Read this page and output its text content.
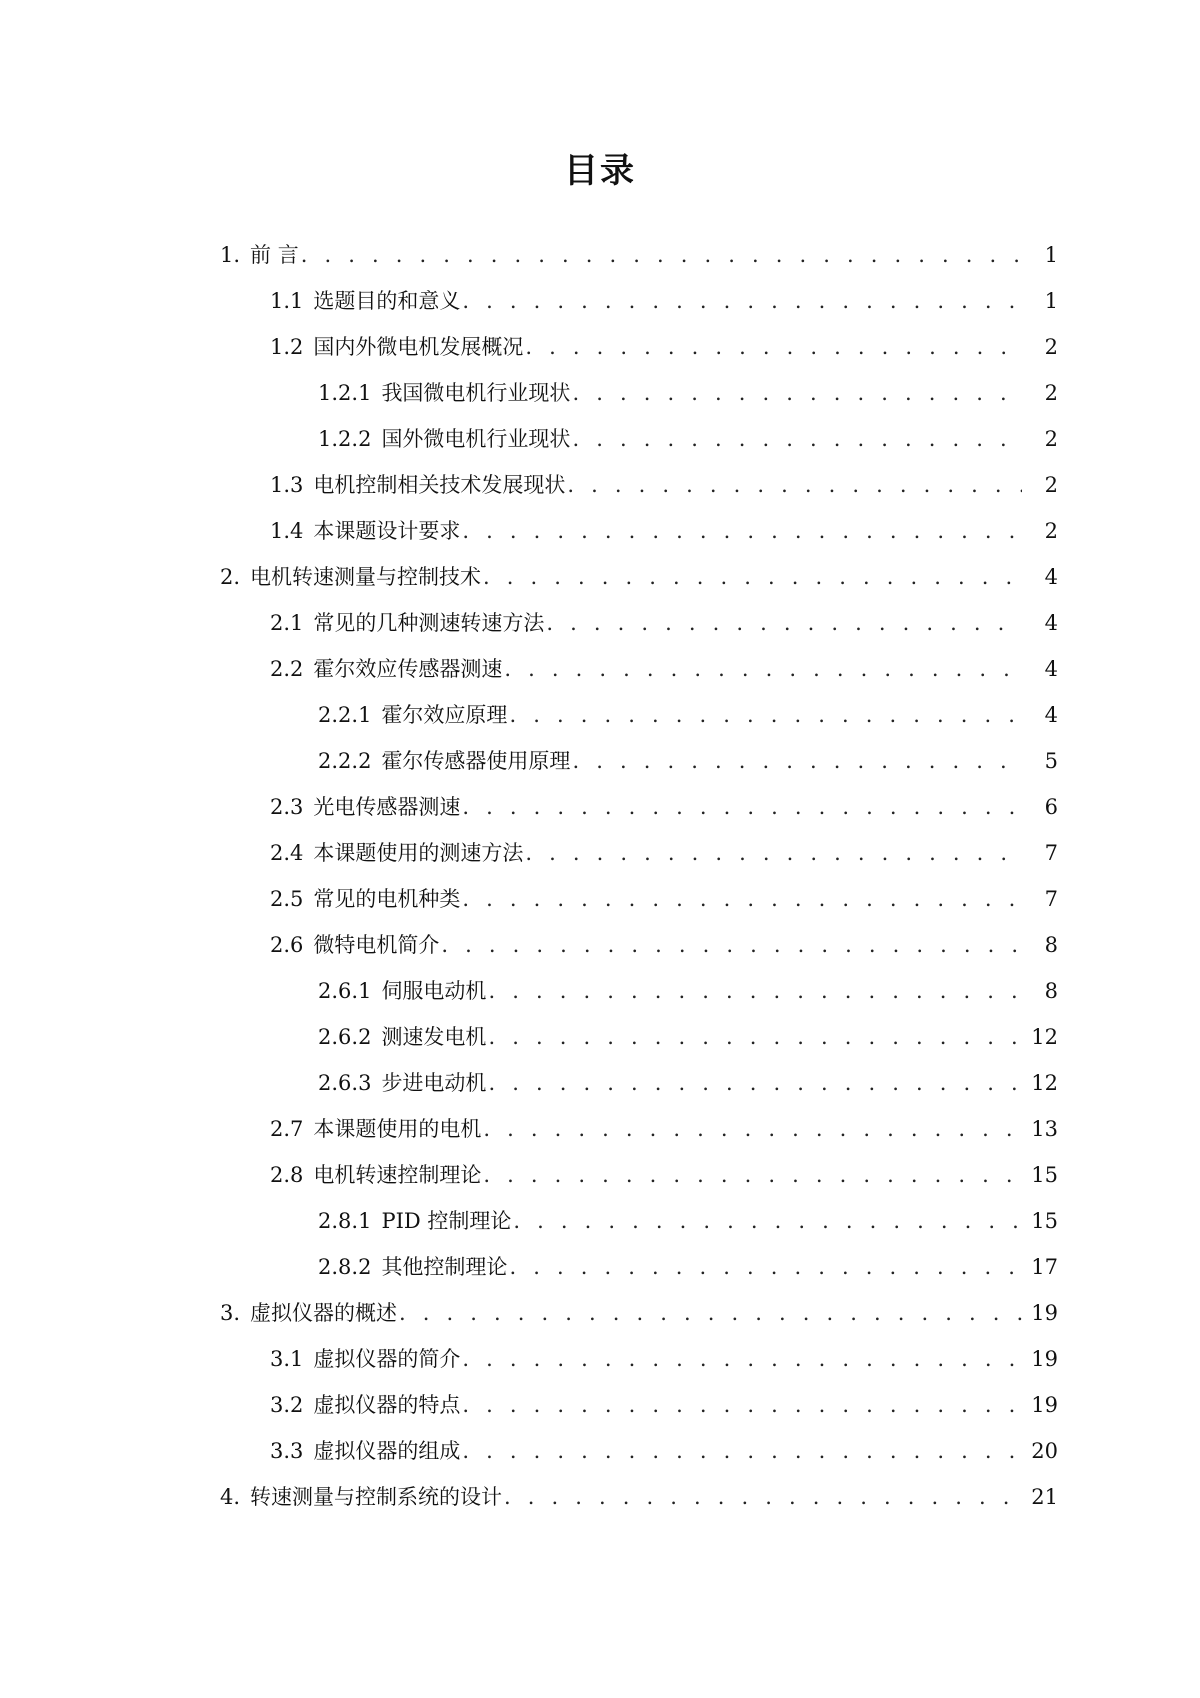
目录
1. 前 言 . . .	1
1.1 选题目的和意义 . . .	1
1.2 国内外微电机发展概况 . . .	2
1.2.1 我国微电机行业现状 . . .	2
1.2.2 国外微电机行业现状 . . .	2
1.3 电机控制相关技术发展现状 . . .	2
1.4 本课题设计要求 . . .	2
2. 电机转速测量与控制技术 . . .	4
2.1 常见的几种测速转速方法 . . .	4
2.2 霍尔效应传感器测速 . . .	4
2.2.1 霍尔效应原理 . . .	4
2.2.2 霍尔传感器使用原理 . . .	5
2.3 光电传感器测速 . . .	6
2.4 本课题使用的测速方法 . . .	7
2.5 常见的电机种类 . . .	7
2.6 微特电机简介 . . .	8
2.6.1 伺服电动机 . . .	8
2.6.2 测速发电机 . . .	12
2.6.3 步进电动机 . . .	12
2.7 本课题使用的电机 . . .	13
2.8 电机转速控制理论 . . .	15
2.8.1 PID 控制理论 . . .	15
2.8.2 其他控制理论 . . .	17
3. 虚拟仪器的概述 . . .	19
3.1 虚拟仪器的简介 . . .	19
3.2 虚拟仪器的特点 . . .	19
3.3 虚拟仪器的组成 . . .	20
4. 转速测量与控制系统的设计 . . .	21
